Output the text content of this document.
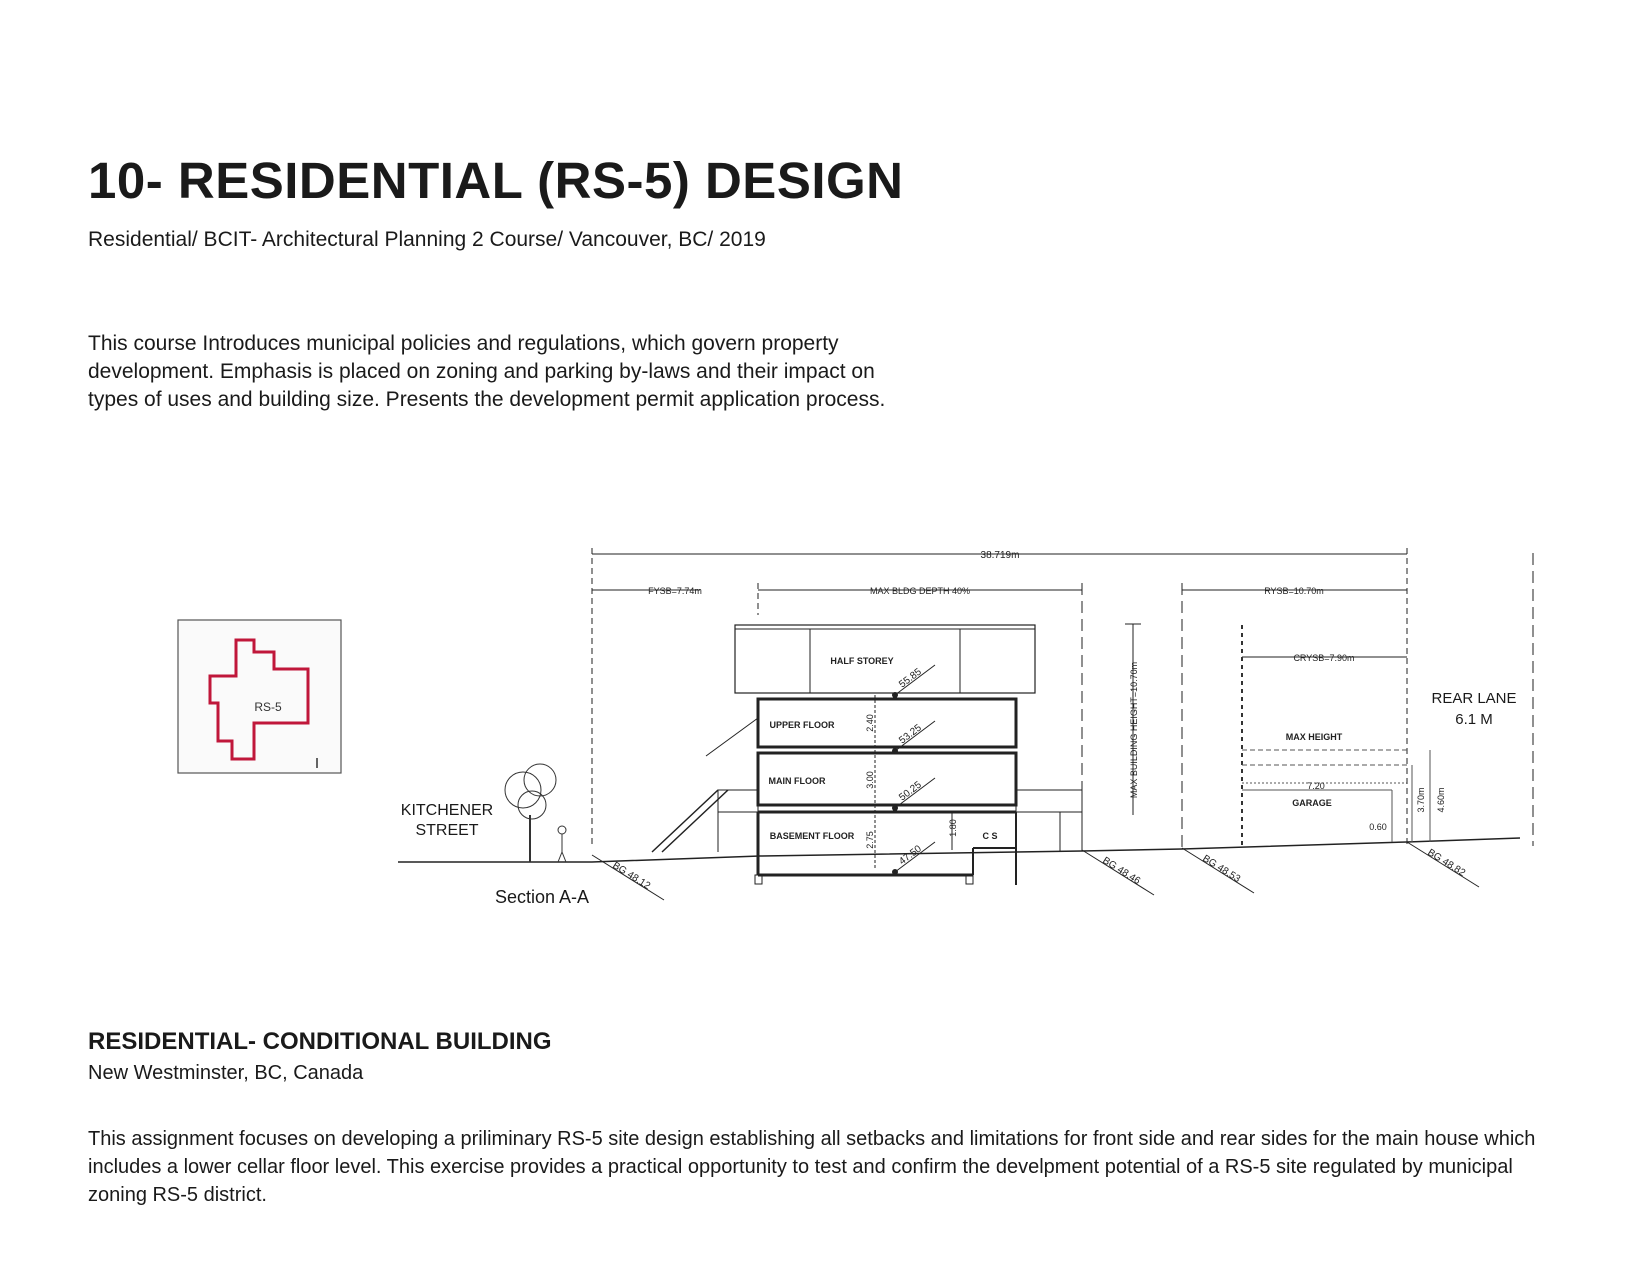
10- RESIDENTIAL (RS-5) DESIGN

Residential/ BCIT- Architectural Planning 2 Course/ Vancouver, BC/ 2019

This course Introduces municipal policies and regulations, which govern property development. Emphasis is placed on zoning and parking by-laws and their impact on types of uses and building size. Presents the development permit application process.

RS-5
38.719m
FYSB=7.74m	MAX BLDG DEPTH 40%	RYSB=10.70m
CRYSB=7.90m
MAX BUILDING HEIGHT=10.70m
HALF STOREY
UPPER FLOOR
MAIN FLOOR
BASEMENT FLOOR	C S
2.40
3.00
2.75
1.80
55.85
53.25
50.25
47.50
BG 48.12	BG 48.46	BG 48.53	BG 48.82
MAX HEIGHT
7.20
GARAGE
0.60
3.70m 4.60m
KITCHENER
STREET
REAR LANE
6.1 M
Section A-A
RESIDENTIAL- CONDITIONAL BUILDING

New Westminster, BC, Canada

This assignment focuses on developing a priliminary RS-5 site design establishing all setbacks and limitations for front side and rear sides for the main house which includes a lower cellar floor level. This exercise provides a practical opportunity to test and confirm the develpment potential of a RS-5 site regulated by municipal zoning RS-5 district.
